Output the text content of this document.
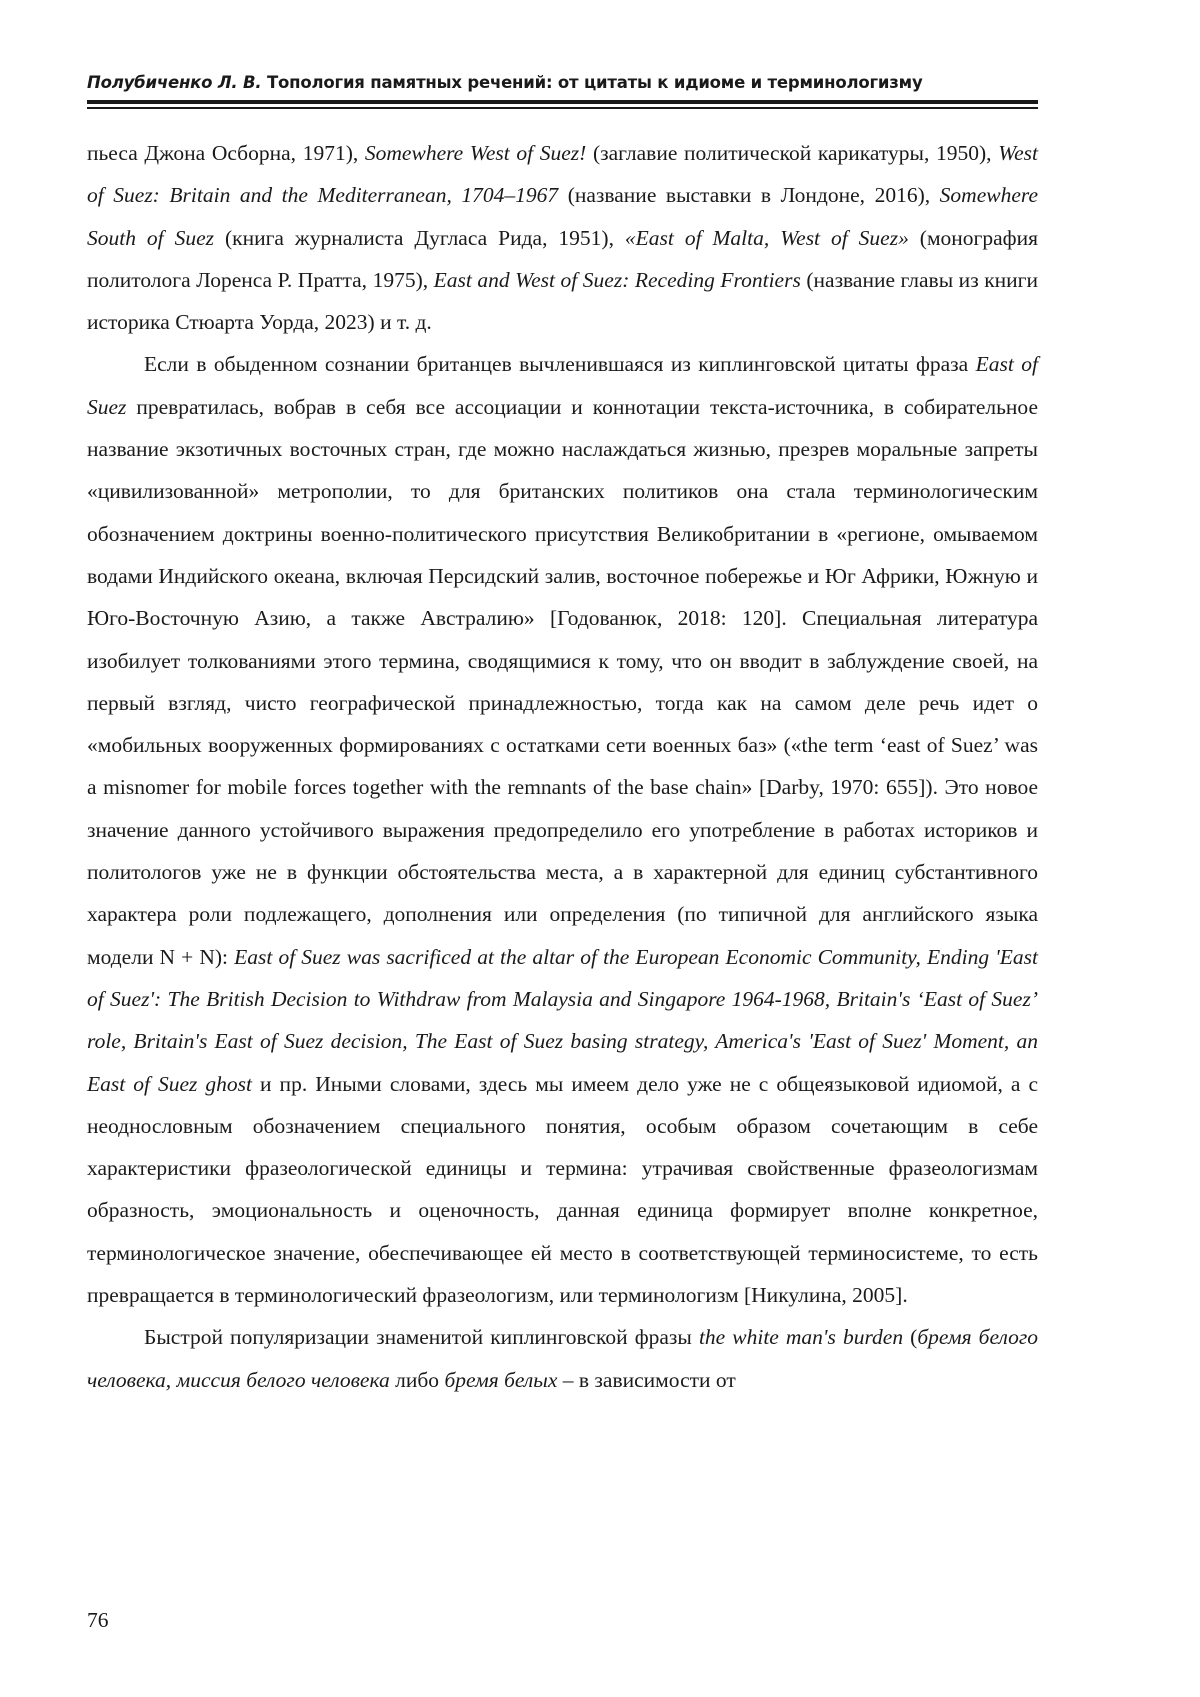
Полубиченко Л. В. Топология памятных речений: от цитаты к идиоме и терминологизму

пьеса Джона Осборна, 1971), Somewhere West of Suez! (заглавие политической карикатуры, 1950), West of Suez: Britain and the Mediterranean, 1704–1967 (название выставки в Лондоне, 2016), Somewhere South of Suez (книга журналиста Дугласа Рида, 1951), «East of Malta, West of Suez» (монография политолога Лоренса Р. Пратта, 1975), East and West of Suez: Receding Frontiers (название главы из книги историка Стюарта Уорда, 2023) и т. д.

Если в обыденном сознании британцев вычленившаяся из киплинговской цитаты фраза East of Suez превратилась, вобрав в себя все ассоциации и коннотации текста-источника, в собирательное название экзотичных восточных стран, где можно наслаждаться жизнью, презрев моральные запреты «цивилизованной» метрополии, то для британских политиков она стала терминологическим обозначением доктрины военно-политического присутствия Великобритании в «регионе, омываемом водами Индийского океана, включая Персидский залив, восточное побережье и Юг Африки, Южную и Юго-Восточную Азию, а также Австралию» [Годованюк, 2018: 120]. Специальная литература изобилует толкованиями этого термина, сводящимися к тому, что он вводит в заблуждение своей, на первый взгляд, чисто географической принадлежностью, тогда как на самом деле речь идет о «мобильных вооруженных формированиях с остатками сети военных баз» («the term ‘east of Suez’ was a misnomer for mobile forces together with the remnants of the base chain» [Darby, 1970: 655]). Это новое значение данного устойчивого выражения предопределило его употребление в работах историков и политологов уже не в функции обстоятельства места, а в характерной для единиц субстантивного характера роли подлежащего, дополнения или определения (по типичной для английского языка модели N + N): East of Suez was sacrificed at the altar of the European Economic Community, Ending 'East of Suez': The British Decision to Withdraw from Malaysia and Singapore 1964-1968, Britain's ‘East of Suez’ role, Britain's East of Suez decision, The East of Suez basing strategy, America's 'East of Suez' Moment, an East of Suez ghost и пр. Иными словами, здесь мы имеем дело уже не с общеязыковой идиомой, а с неоднословным обозначением специального понятия, особым образом сочетающим в себе характеристики фразеологической единицы и термина: утрачивая свойственные фразеологизмам образность, эмоциональность и оценочность, данная единица формирует вполне конкретное, терминологическое значение, обеспечивающее ей место в соответствующей терминосистеме, то есть превращается в терминологический фразеологизм, или терминологизм [Никулина, 2005].

Быстрой популяризации знаменитой киплинговской фразы the white man's burden (бремя белого человека, миссия белого человека либо бремя белых – в зависимости от

76
